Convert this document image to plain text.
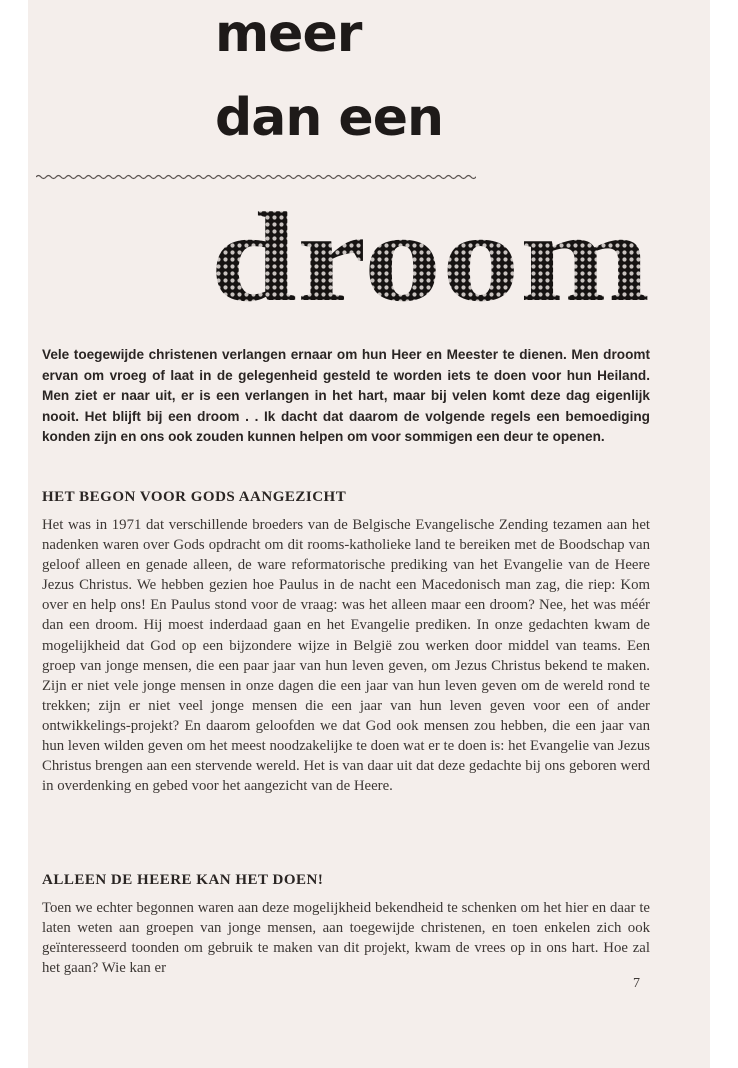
meer
dan een
droom

Vele toegewijde christenen verlangen ernaar om hun Heer en Meester te dienen. Men droomt ervan om vroeg of laat in de gelegenheid gesteld te worden iets te doen voor hun Heiland. Men ziet er naar uit, er is een verlangen in het hart, maar bij velen komt deze dag eigenlijk nooit. Het blijft bij een droom . . Ik dacht dat daarom de volgende regels een bemoediging konden zijn en ons ook zouden kunnen helpen om voor sommigen een deur te openen.

HET BEGON VOOR GODS AANGEZICHT

Het was in 1971 dat verschillende broeders van de Belgische Evangelische Zending tezamen aan het nadenken waren over Gods opdracht om dit rooms-katholieke land te bereiken met de Boodschap van geloof alleen en genade alleen, de ware reformatorische prediking van het Evangelie van de Heere Jezus Christus. We hebben gezien hoe Paulus in de nacht een Macedonisch man zag, die riep: Kom over en help ons! En Paulus stond voor de vraag: was het alleen maar een droom? Nee, het was méér dan een droom. Hij moest inderdaad gaan en het Evangelie prediken. In onze gedachten kwam de mogelijkheid dat God op een bijzondere wijze in België zou werken door middel van teams. Een groep van jonge mensen, die een paar jaar van hun leven geven, om Jezus Christus bekend te maken. Zijn er niet vele jonge mensen in onze dagen die een jaar van hun leven geven om de wereld rond te trekken; zijn er niet veel jonge mensen die een jaar van hun leven geven voor een of ander ontwikkelings-projekt? En daarom geloofden we dat God ook mensen zou hebben, die een jaar van hun leven wilden geven om het meest noodzakelijke te doen wat er te doen is: het Evangelie van Jezus Christus brengen aan een stervende wereld. Het is van daar uit dat deze gedachte bij ons geboren werd in overdenking en gebed voor het aangezicht van de Heere.

ALLEEN DE HEERE KAN HET DOEN!

Toen we echter begonnen waren aan deze mogelijkheid bekendheid te schenken om het hier en daar te laten weten aan groepen van jonge mensen, aan toegewijde christenen, en toen enkelen zich ook geïnteresseerd toonden om gebruik te maken van dit projekt, kwam de vrees op in ons hart. Hoe zal het gaan? Wie kan er

7
